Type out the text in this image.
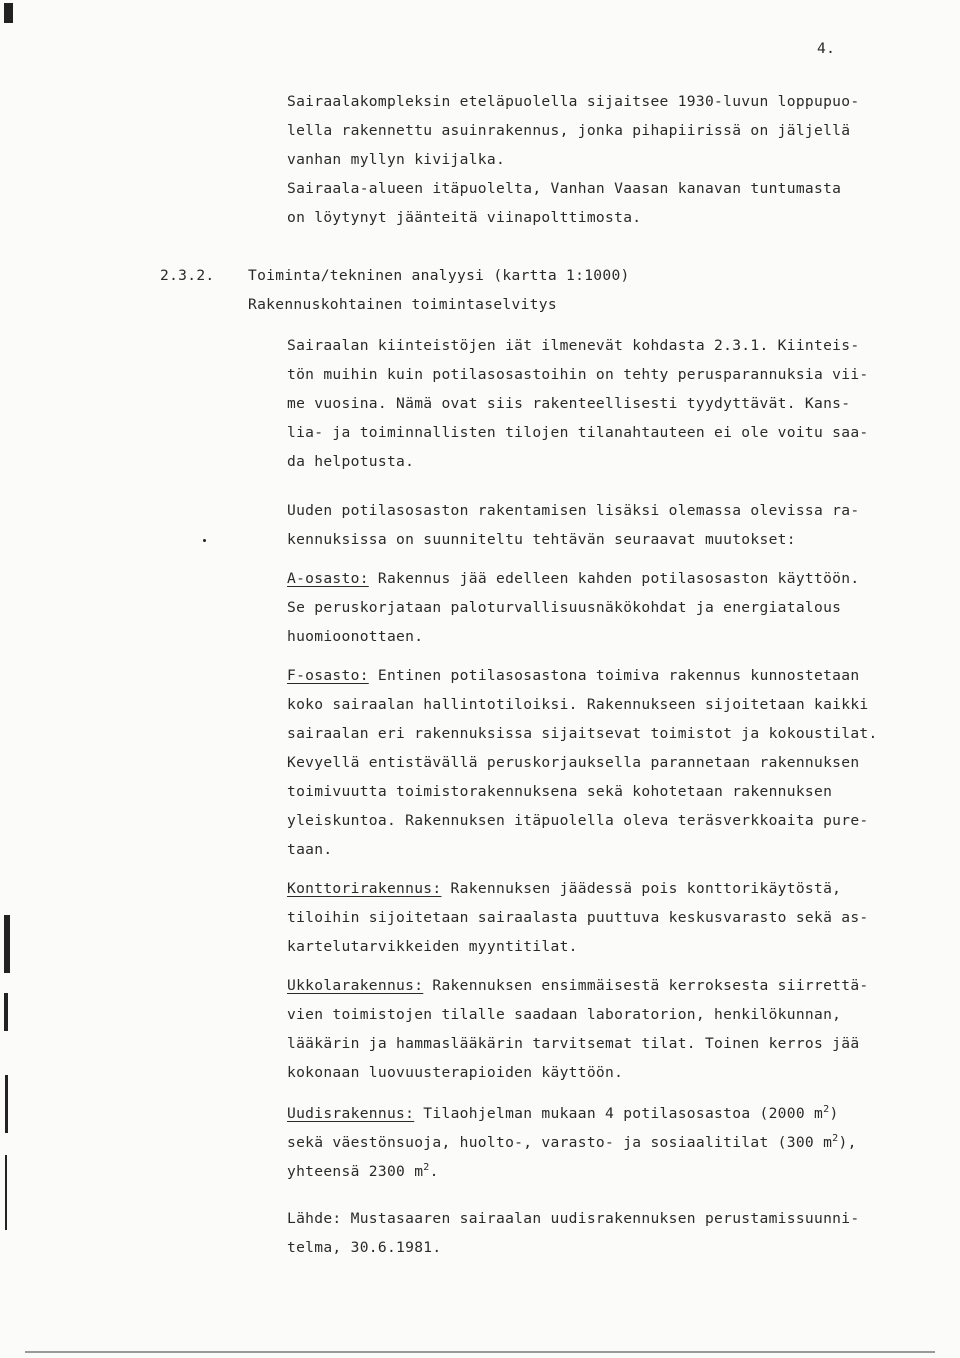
4.
Sairaalakompleksin eteläpuolella sijaitsee 1930-luvun loppupuo-
lella rakennettu asuinrakennus, jonka pihapiirissä on jäljellä
vanhan myllyn kivijalka.
Sairaala-alueen itäpuolelta, Vanhan Vaasan kanavan tuntumasta
on löytynyt jäänteitä viinapolttimosta.
2.3.2. Toiminta/tekninen analyysi (kartta 1:1000)
Rakennuskohtainen toimintaselvitys
Sairaalan kiinteistöjen iät ilmenevät kohdasta 2.3.1. Kiinteis-
tön muihin kuin potilasosastoihin on tehty perusparannuksia vii-
me vuosina. Nämä ovat siis rakenteellisesti tyydyttävät. Kans-
lia- ja toiminnallisten tilojen tilanahtauteen ei ole voitu saa-
da helpotusta.
Uuden potilasosaston rakentamisen lisäksi olemassa olevissa ra-
kennuksissa on suunniteltu tehtävän seuraavat muutokset:
A-osasto: Rakennus jää edelleen kahden potilasosaston käyttöön.
Se peruskorjataan paloturvallisuusnäkökohdat ja energiatalous
huomioonottaen.
F-osasto: Entinen potilasosastona toimiva rakennus kunnostetaan
koko sairaalan hallintotiloiksi. Rakennukseen sijoitetaan kaikki
sairaalan eri rakennuksissa sijaitsevat toimistot ja kokoustilat.
Kevyellä entistävällä peruskorjauksella parannetaan rakennuksen
toimivuutta toimistorakennuksena sekä kohotetaan rakennuksen
yleiskuntoa. Rakennuksen itäpuolella oleva teräsverkkoaita pure-
taan.
Konttorirakennus: Rakennuksen jäädessä pois konttorikäytöstä,
tiloihin sijoitetaan sairaalasta puuttuva keskusvarasto sekä as-
kartelutarvikkeiden myyntitilat.
Ukkolarakennus: Rakennuksen ensimmäisestä kerroksesta siirrettä-
vien toimistojen tilalle saadaan laboratorion, henkilökunnan,
lääkärin ja hammaslääkärin tarvitsemat tilat. Toinen kerros jää
kokonaan luovuusterapioiden käyttöön.
Uudisrakennus: Tilaohjelman mukaan 4 potilasosastoa (2000 $m^2$)
sekä väestönsuoja, huolto-, varasto- ja sosiaalitilat (300 $m^2$),
yhteensä 2300 $m^2$.
Lähde: Mustasaaren sairaalan uudisrakennuksen perustamissuunni-
telma, 30.6.1981.
